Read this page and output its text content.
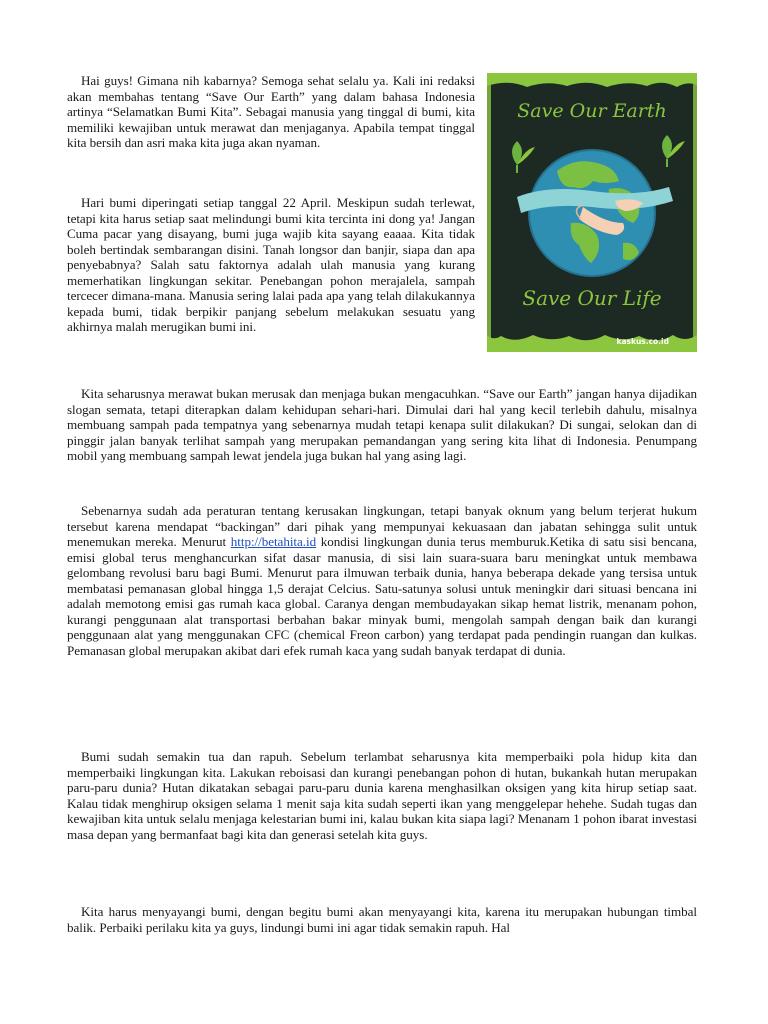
Hai guys! Gimana nih kabarnya? Semoga sehat selalu ya. Kali ini redaksi akan membahas tentang “Save Our Earth” yang dalam bahasa Indonesia artinya “Selamatkan Bumi Kita”. Sebagai manusia yang tinggal di bumi, kita memiliki kewajiban untuk merawat dan menjaganya. Apabila tempat tinggal kita bersih dan asri maka kita juga akan nyaman.

Hari bumi diperingati setiap tanggal 22 April. Meskipun sudah terlewat, tetapi kita harus setiap saat melindungi bumi kita tercinta ini dong ya! Jangan Cuma pacar yang disayang, bumi juga wajib kita sayang eaaaa. Kita tidak boleh bertindak sembarangan disini. Tanah longsor dan banjir, siapa dan apa penyebabnya? Salah satu faktornya adalah ulah manusia yang kurang memerhatikan lingkungan sekitar. Penebangan pohon merajalela, sampah tercecer dimana-mana. Manusia sering lalai pada apa yang telah dilakukannya kepada bumi, tidak berpikir panjang sebelum melakukan sesuatu yang akhirnya malah merugikan bumi ini.

Save Our Earth
Save Our Life
kaskus.co.id

Kita seharusnya merawat bukan merusak dan menjaga bukan mengacuhkan. “Save our Earth” jangan hanya dijadikan slogan semata, tetapi diterapkan dalam kehidupan sehari-hari. Dimulai dari hal yang kecil terlebih dahulu, misalnya membuang sampah pada tempatnya yang sebenarnya mudah tetapi kenapa sulit dilakukan? Di sungai, selokan dan di pinggir jalan banyak terlihat sampah yang merupakan pemandangan yang sering kita lihat di Indonesia. Penumpang mobil yang membuang sampah lewat jendela juga bukan hal yang asing lagi.

Sebenarnya sudah ada peraturan tentang kerusakan lingkungan, tetapi banyak oknum yang belum terjerat hukum tersebut karena mendapat “backingan” dari pihak yang mempunyai kekuasaan dan jabatan sehingga sulit untuk menemukan mereka. Menurut http://betahita.id kondisi lingkungan dunia terus memburuk.Ketika di satu sisi bencana, emisi global terus menghancurkan sifat dasar manusia, di sisi lain suara-suara baru meningkat untuk membawa gelombang revolusi baru bagi Bumi. Menurut para ilmuwan terbaik dunia, hanya beberapa dekade yang tersisa untuk membatasi pemanasan global hingga 1,5 derajat Celcius. Satu-satunya solusi untuk meningkir dari situasi bencana ini adalah memotong emisi gas rumah kaca global. Caranya dengan membudayakan sikap hemat listrik, menanam pohon, kurangi penggunaan alat transportasi berbahan bakar minyak bumi, mengolah sampah dengan baik dan kurangi penggunaan alat yang menggunakan CFC (chemical Freon carbon) yang terdapat pada pendingin ruangan dan kulkas. Pemanasan global merupakan akibat dari efek rumah kaca yang sudah banyak terdapat di dunia.

Bumi sudah semakin tua dan rapuh. Sebelum terlambat seharusnya kita memperbaiki pola hidup kita dan memperbaiki lingkungan kita. Lakukan reboisasi dan kurangi penebangan pohon di hutan, bukankah hutan merupakan paru-paru dunia? Hutan dikatakan sebagai paru-paru dunia karena menghasilkan oksigen yang kita hirup setiap saat. Kalau tidak menghirup oksigen selama 1 menit saja kita sudah seperti ikan yang menggelepar hehehe. Sudah tugas dan kewajiban kita untuk selalu menjaga kelestarian bumi ini, kalau bukan kita siapa lagi? Menanam 1 pohon ibarat investasi masa depan yang bermanfaat bagi kita dan generasi setelah kita guys.

Kita harus menyayangi bumi, dengan begitu bumi akan menyayangi kita, karena itu merupakan hubungan timbal balik. Perbaiki perilaku kita ya guys, lindungi bumi ini agar tidak semakin rapuh. Hal
